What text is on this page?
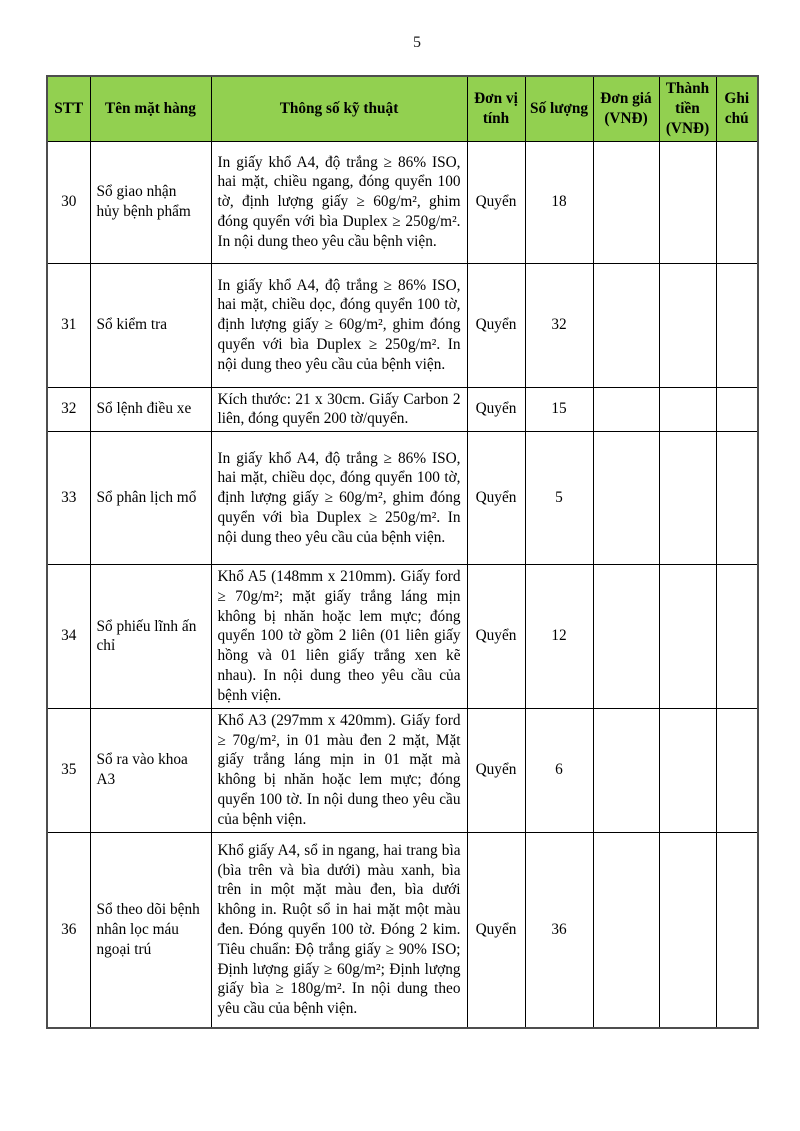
5
STT	Tên mặt hàng	Thông số kỹ thuật	Đơn vị tính	Số lượng	Đơn giá (VNĐ)	Thành tiền (VNĐ)	Ghi chú
30	Sổ giao nhận hủy bệnh phẩm	In giấy khổ A4, độ trắng ≥ 86% ISO, hai mặt, chiều ngang, đóng quyển 100 tờ, định lượng giấy ≥ 60g/m², ghim đóng quyển với bìa Duplex ≥ 250g/m². In nội dung theo yêu cầu bệnh viện.	Quyển	18			
31	Sổ kiểm tra	In giấy khổ A4, độ trắng ≥ 86% ISO, hai mặt, chiều dọc, đóng quyển 100 tờ, định lượng giấy ≥ 60g/m², ghim đóng quyển với bìa Duplex ≥ 250g/m². In nội dung theo yêu cầu của bệnh viện.	Quyển	32			
32	Sổ lệnh điều xe	Kích thước: 21 x 30cm. Giấy Carbon 2 liên, đóng quyển 200 tờ/quyển.	Quyển	15			
33	Sổ phân lịch mổ	In giấy khổ A4, độ trắng ≥ 86% ISO, hai mặt, chiều dọc, đóng quyển 100 tờ, định lượng giấy ≥ 60g/m², ghim đóng quyển với bìa Duplex ≥ 250g/m². In nội dung theo yêu cầu của bệnh viện.	Quyển	5			
34	Sổ phiếu lĩnh ấn chỉ	Khổ A5 (148mm x 210mm). Giấy ford ≥ 70g/m²; mặt giấy trắng láng mịn không bị nhăn hoặc lem mực; đóng quyển 100 tờ gồm 2 liên (01 liên giấy hồng và 01 liên giấy trắng xen kẽ nhau). In nội dung theo yêu cầu của bệnh viện.	Quyển	12			
35	Sổ ra vào khoa A3	Khổ A3 (297mm x 420mm). Giấy ford ≥ 70g/m², in 01 màu đen 2 mặt, Mặt giấy trắng láng mịn in 01 mặt mà không bị nhăn hoặc lem mực; đóng quyển 100 tờ. In nội dung theo yêu cầu của bệnh viện.	Quyển	6			
36	Sổ theo dõi bệnh nhân lọc máu ngoại trú	Khổ giấy A4, sổ in ngang, hai trang bìa (bìa trên và bìa dưới) màu xanh, bìa trên in một mặt màu đen, bìa dưới không in. Ruột sổ in hai mặt một màu đen. Đóng quyển 100 tờ. Đóng 2 kim. Tiêu chuẩn: Độ trắng giấy ≥ 90% ISO; Định lượng giấy ≥ 60g/m²; Định lượng giấy bìa ≥ 180g/m². In nội dung theo yêu cầu của bệnh viện.	Quyển	36			
